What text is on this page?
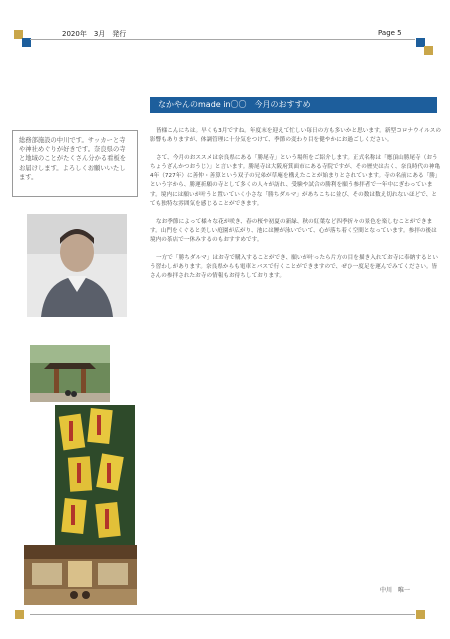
2020年　3月　発行	Page 5
なかやんのmade in〇〇　今月のおすすめ
総務部施設の中川です。サッカーと寺や神社めぐりが好きです。奈良県の寺と地域のことがたくさん分かる看板をお届けします。よろしくお願いいたします。

皆様こんにちは。早くも3月ですね。年度末を迎えて忙しい毎日の方も多いかと思います。新型コロナウイルスの影響もありますが、体調管理に十分気をつけて、季節の変わり目を健やかにお過ごしください。

さて、今月のおススメは奈良県にある「勝尾寺」という場所をご紹介します。正式名称は「應頂山勝尾寺（おうちょうざんかつおうじ）」と言います。勝尾寺は大阪府箕面市にある寺院ですが、その歴史は古く、奈良時代の神亀4年（727年）に善仲・善算という双子の兄弟が草庵を構えたことが始まりとされています。寺の名前にある「勝」という字から、勝運祈願の寺として多くの人々が訪れ、受験や試合の勝利を願う参拝者で一年中にぎわっています。境内には願いが叶うと置いていく小さな「勝ちダルマ」があちこちに並び、その数は数え切れないほどで、とても独特な雰囲気を感じることができます。

なお季節によって様々な花が咲き、春の桜や初夏の新緑、秋の紅葉など四季折々の景色を楽しむことができます。山門をくぐると美しい庭園が広がり、池には鯉が泳いでいて、心が落ち着く空間となっています。参拝の後は境内の茶店で一休みするのもおすすめです。

一方で「勝ちダルマ」はお寺で購入することができ、願いが叶ったら片方の目を描き入れてお寺に奉納するという習わしがあります。奈良県からも電車とバスで行くことができますので、ぜひ一度足を運んでみてください。皆さんの参拝されたお寺の情報もお待ちしております。

中川　唯一
